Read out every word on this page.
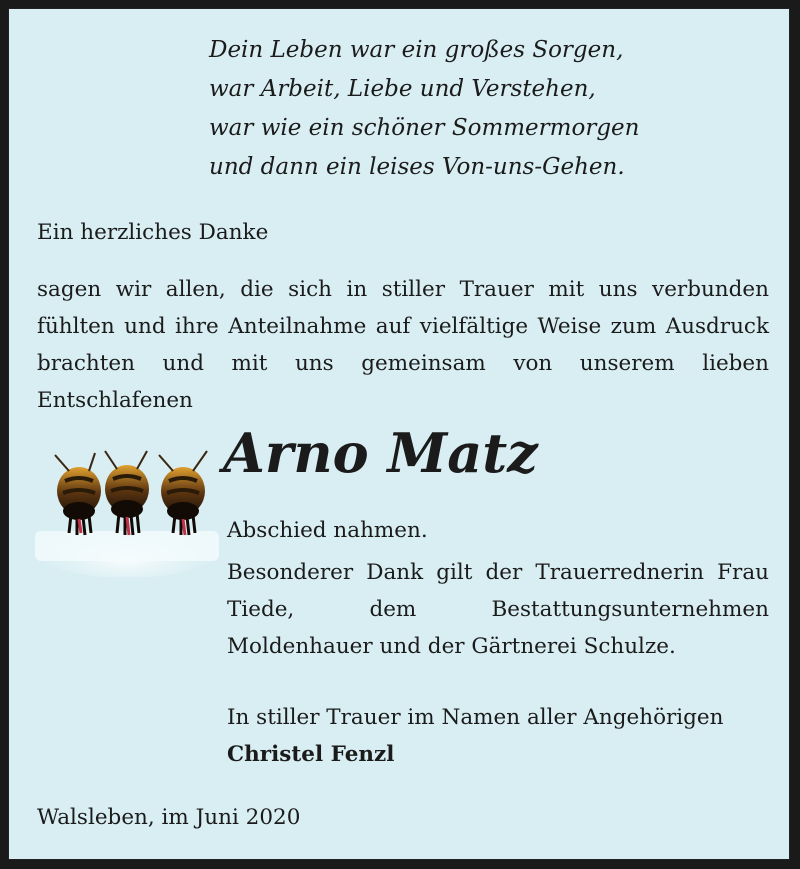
Dein Leben war ein großes Sorgen,
war Arbeit, Liebe und Verstehen,
war wie ein schöner Sommermorgen
und dann ein leises Von-uns-Gehen.
Ein herzliches Danke
sagen wir allen, die sich in stiller Trauer mit uns verbunden fühlten und ihre Anteilnahme auf vielfältige Weise zum Ausdruck brachten und mit uns gemeinsam von unserem lieben Entschlafenen
Arno Matz
Abschied nahmen.
Besonderer Dank gilt der Trauerrednerin Frau Tiede, dem Bestattungsunternehmen Moldenhauer und der Gärtnerei Schulze.
In stiller Trauer im Namen aller Angehörigen
Christel Fenzl
Walsleben, im Juni 2020
